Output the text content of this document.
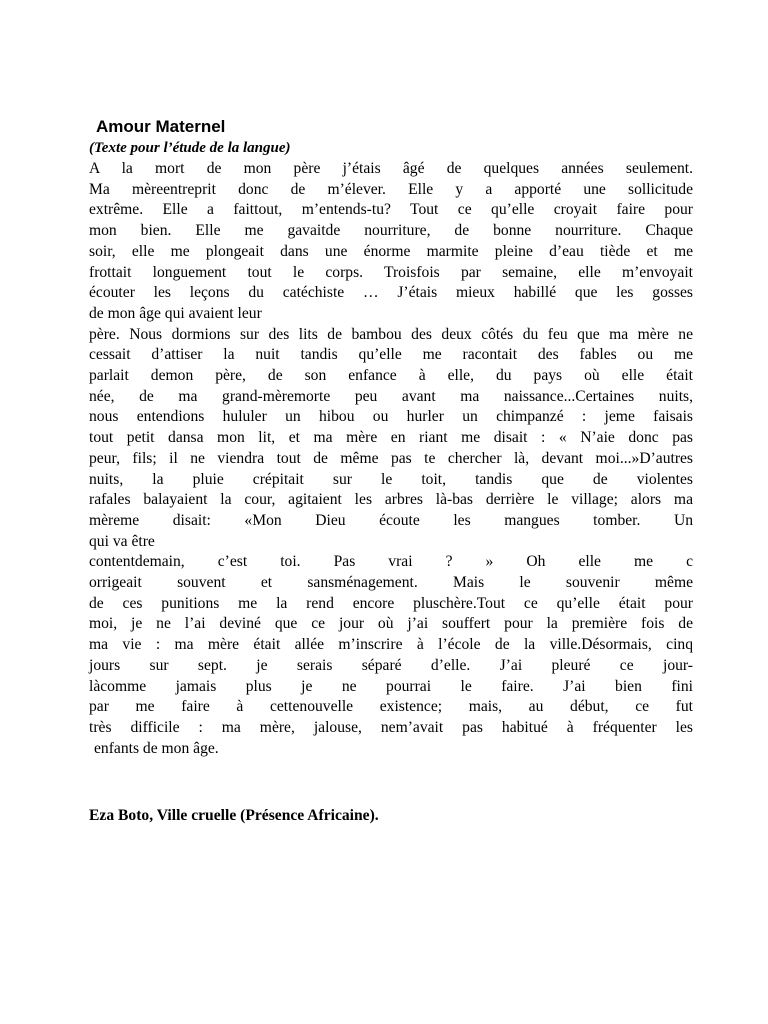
Amour Maternel
(Texte pour l’étude de la langue)
A la mort de mon père j’étais âgé de quelques années seulement.
Ma mèreentreprit donc de m’élever. Elle y a apporté une sollicitude
extrême. Elle a faittout, m’entends-tu? Tout ce qu’elle croyait faire pour
mon bien. Elle me gavaitde nourriture, de bonne nourriture. Chaque
soir, elle me plongeait dans une énorme marmite pleine d’eau tiède et me
frottait longuement tout le corps. Troisfois par semaine, elle m’envoyait
écouter les leçons du catéchiste … J’étais mieux habillé que les gosses
de mon âge qui avaient leur
père. Nous dormions sur des lits de bambou des deux côtés du feu que ma mère ne
cessait d’attiser la nuit tandis qu’elle me racontait des fables ou me
parlait demon père, de son enfance à elle, du pays où elle était
née, de ma grand-mèremorte peu avant ma naissance...Certaines nuits,
nous entendions hululer un hibou ou hurler un chimpanzé : jeme faisais
tout petit dansa mon lit, et ma mère en riant me disait : « N’aie donc pas
peur, fils; il ne viendra tout de même pas te chercher là, devant moi...»D’autres
nuits, la pluie crépitait sur le toit, tandis que de violentes
rafales balayaient la cour, agitaient les arbres là-bas derrière le village; alors ma
mèreme disait: «Mon Dieu écoute les mangues tomber. Un
qui va être
contentdemain, c’est toi. Pas vrai ? » Oh elle me c
orrigeait souvent et sansménagement. Mais le souvenir même
de ces punitions me la rend encore pluschère.Tout ce qu’elle était pour
moi, je ne l’ai deviné que ce jour où j’ai souffert pour la première fois de
ma vie : ma mère était allée m’inscrire à l’école de la ville.Désormais, cinq
jours sur sept. je serais séparé d’elle. J’ai pleuré ce jour-
làcomme jamais plus je ne pourrai le faire. J’ai bien fini
par me faire à cettenouvelle existence; mais, au début, ce fut
très difficile : ma mère, jalouse, nem’avait pas habitué à fréquenter les
enfants de mon âge.
Eza Boto, Ville cruelle (Présence Africaine).
